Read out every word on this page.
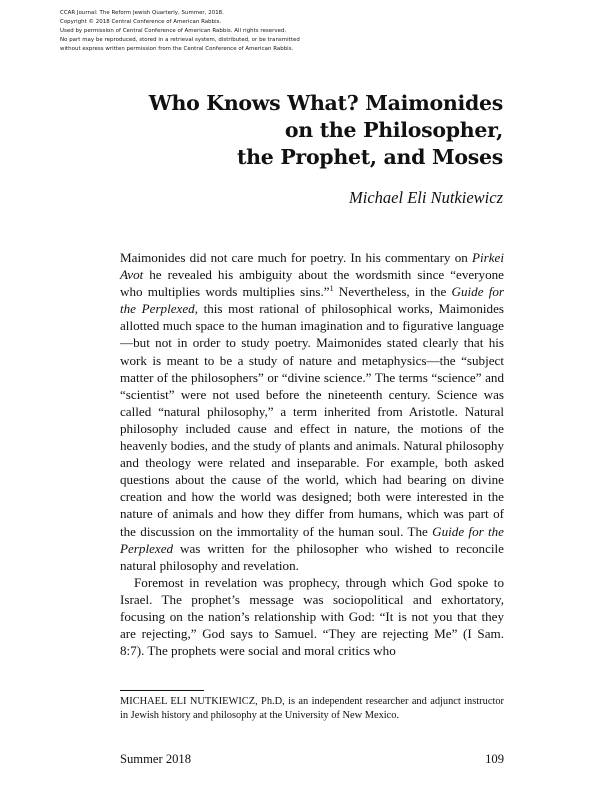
CCAR Journal: The Reform Jewish Quarterly, Summer, 2018.
Copyright © 2018 Central Conference of American Rabbis.
Used by permission of Central Conference of American Rabbis. All rights reserved.
No part may be reproduced, stored in a retrieval system, distributed, or be transmitted
without express written permission from the Central Conference of American Rabbis.
Who Knows What? Maimonides
on the Philosopher,
the Prophet, and Moses
Michael Eli Nutkiewicz

Maimonides did not care much for poetry. In his commentary on Pirkei Avot he revealed his ambiguity about the wordsmith since “everyone who multiplies words multiplies sins.”$^1$ Nevertheless, in the Guide for the Perplexed, this most rational of philosophical works, Maimonides allotted much space to the human imagination and to figurative language—but not in order to study poetry. Maimonides stated clearly that his work is meant to be a study of nature and metaphysics—the “subject matter of the philosophers” or “divine science.” The terms “science” and “scientist” were not used before the nineteenth century. Science was called “natural philosophy,” a term inherited from Aristotle. Natural philosophy included cause and effect in nature, the motions of the heavenly bodies, and the study of plants and animals. Natural philosophy and theology were related and inseparable. For example, both asked questions about the cause of the world, which had bearing on divine creation and how the world was designed; both were interested in the nature of animals and how they differ from humans, which was part of the discussion on the immortality of the human soul. The Guide for the Perplexed was written for the philosopher who wished to reconcile natural philosophy and revelation.

Foremost in revelation was prophecy, through which God spoke to Israel. The prophet’s message was sociopolitical and exhortatory, focusing on the nation’s relationship with God: “It is not you that they are rejecting,” God says to Samuel. “They are rejecting Me” (I Sam. 8:7). The prophets were social and moral critics who

MICHAEL ELI NUTKIEWICZ, Ph.D, is an independent researcher and adjunct instructor in Jewish history and philosophy at the University of New Mexico.
Summer 2018	109
